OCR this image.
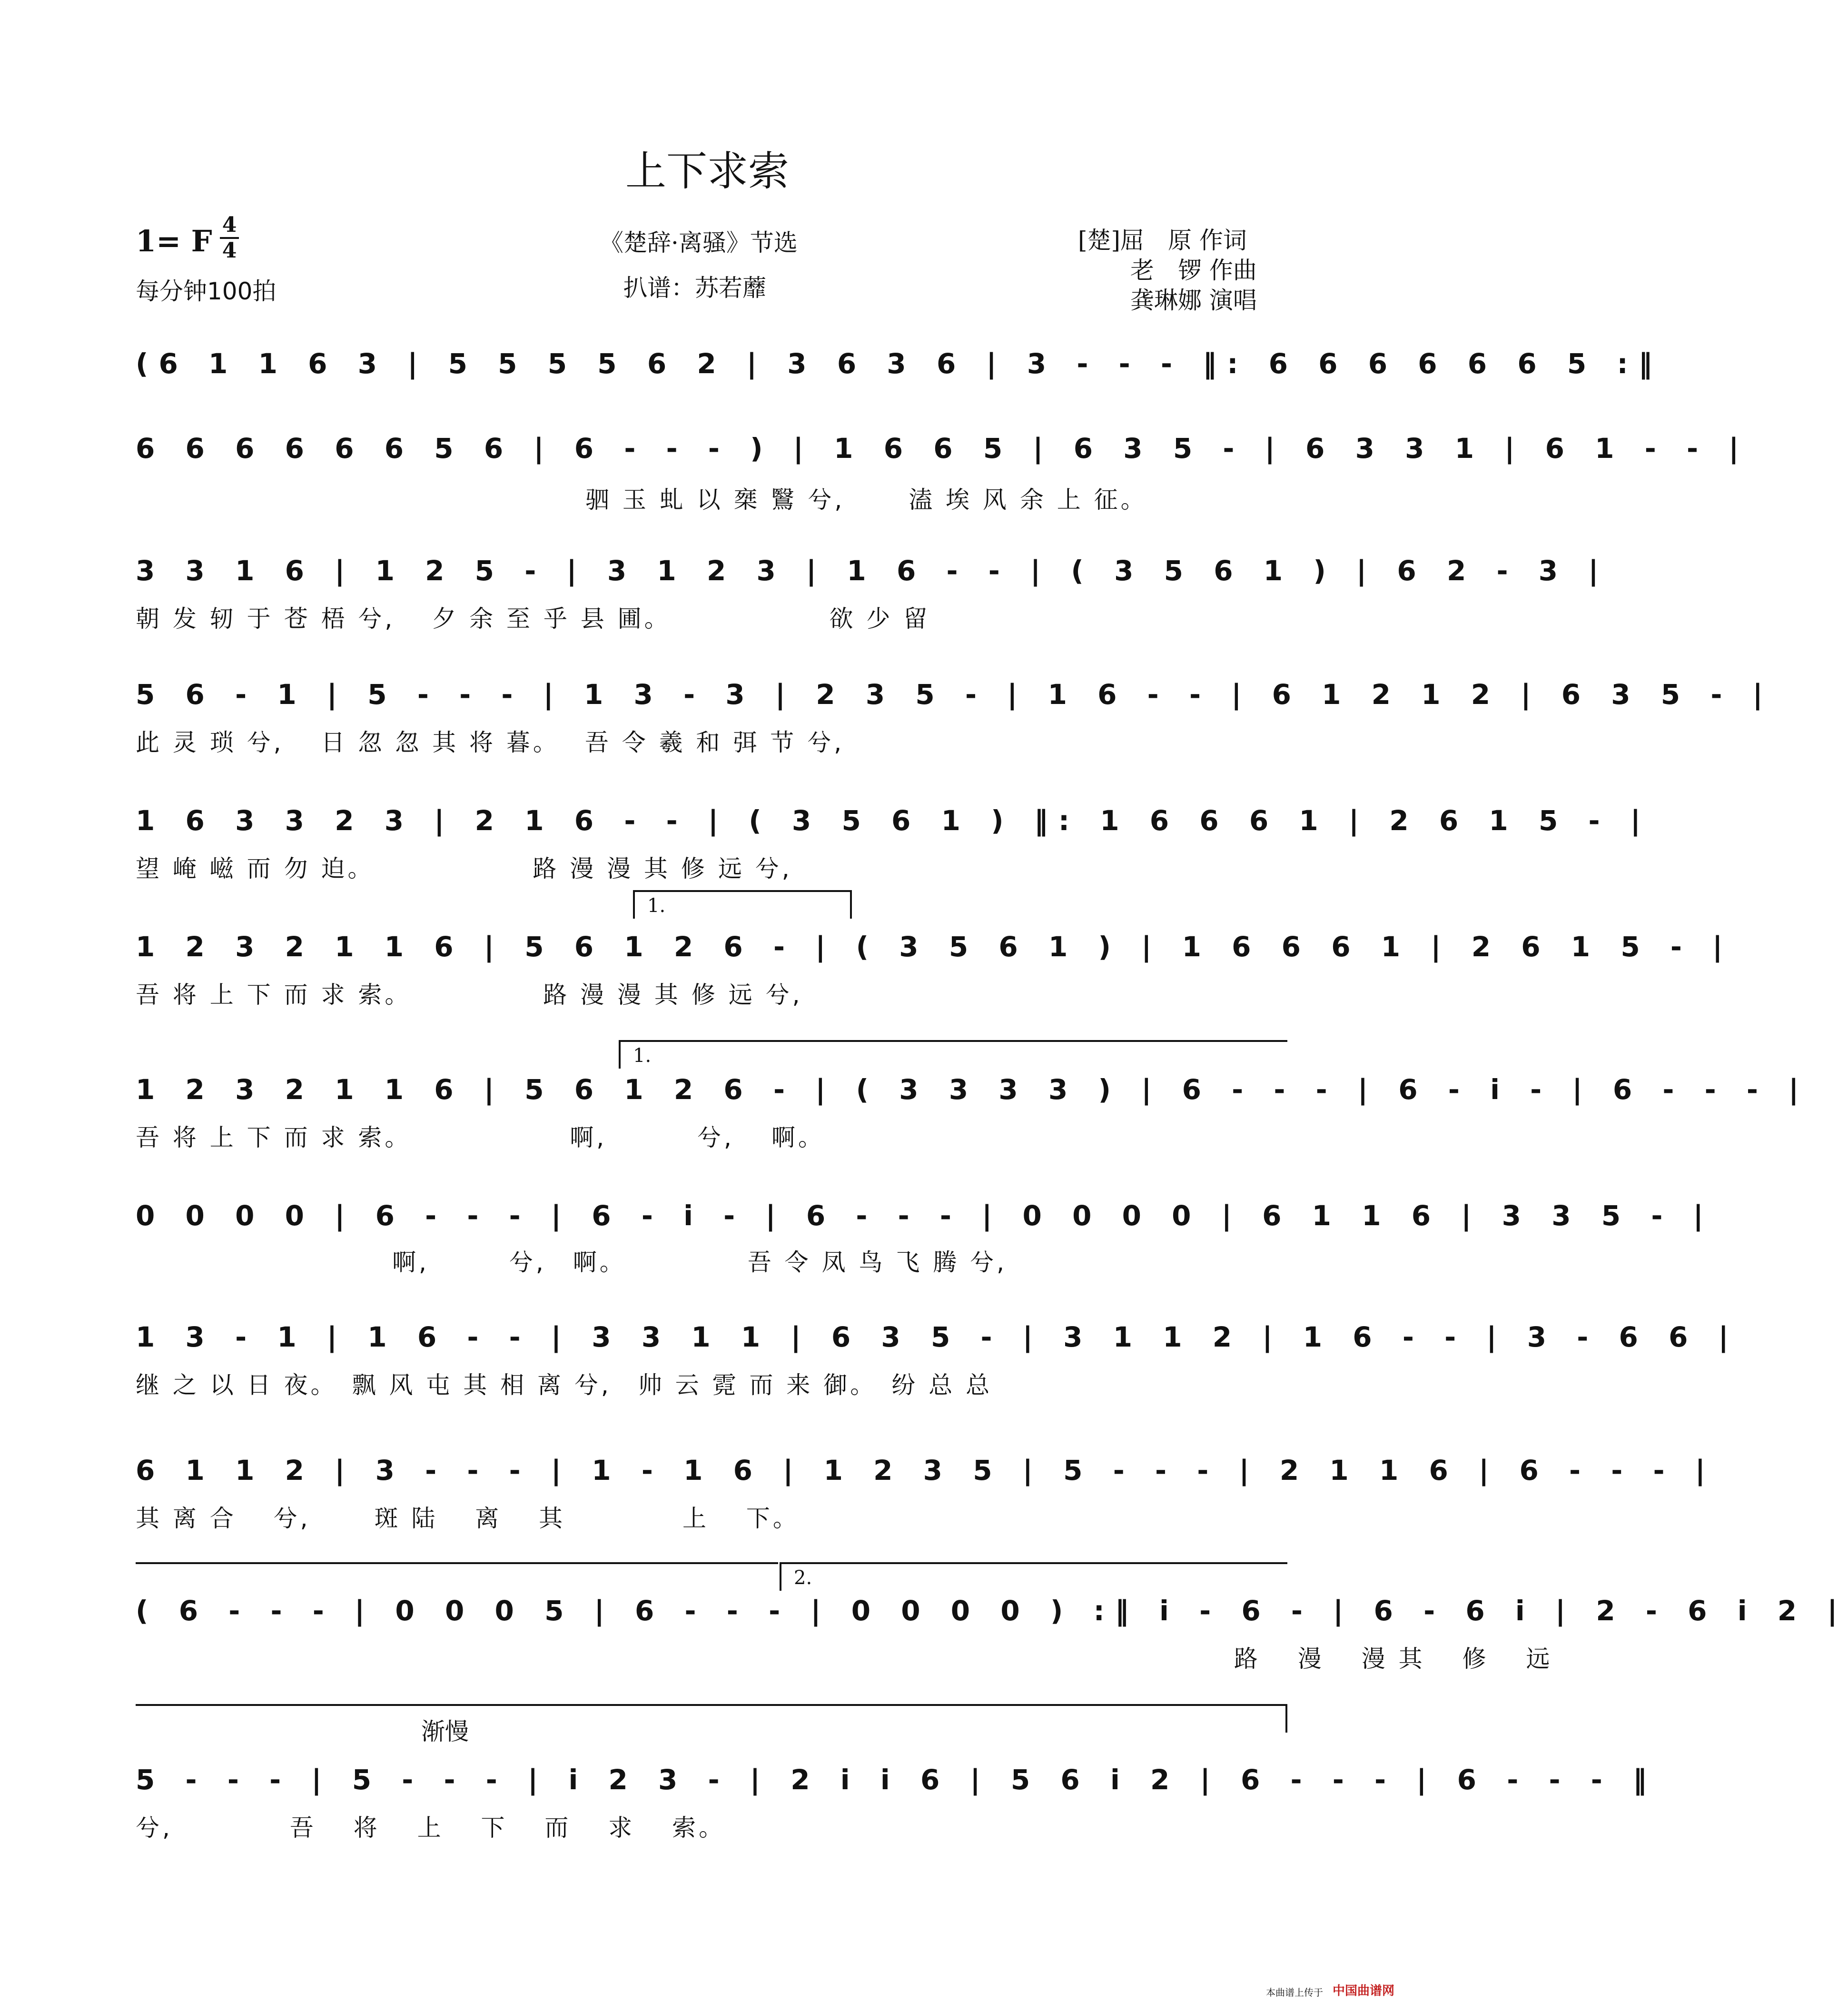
上下求索
1= F 4
4
每分钟100拍
《楚辞·离骚》节选
扒谱：苏若蘼
[楚]屈　原 作词
老　锣 作曲
龚琳娜 演唱
(6 1 1 6 3 | 5 5 5 5 6 2 | 3 6 3 6 | 3 - - - ‖: 6 6 6 6 6 6 5 :‖
6 6 6 6 6 6 5 6 | 6 - - - ) | 1 6 6 5 | 6 3 5 - | 6 3 3 1 | 6 1 - - |
驷 玉 虬 以 椉 鷖 兮,　　 溘 埃 风 余 上 征。
3 3 1 6 | 1 2 5 - | 3 1 2 3 | 1 6 - - | ( 3 5 6 1 ) | 6 2 - 3 |
朝 发 轫 于 苍 梧 兮,　 夕 余 至 乎 县 圃。　　　　　　 欲 少 留
5 6 - 1 | 5 - - - | 1 3 - 3 | 2 3 5 - | 1 6 - - | 6 1 2 1 2 | 6 3 5 - |
此 灵 琐 兮,　 日 忽 忽 其 将 暮。　 吾 令 羲 和 弭 节 兮,
1 6 3 3 2 3 | 2 1 6 - - | ( 3 5 6 1 ) ‖: 1 6 6 6 1 | 2 6 1 5 - |
望 崦 嵫 而 勿 迫。　　　　　　 路 漫 漫 其 修 远 兮,
1.
1 2 3 2 1 1 6 | 5 6 1 2 6 - | ( 3 5 6 1 ) | 1 6 6 6 1 | 2 6 1 5 - |
吾 将 上 下 而 求 索。　　　　　 路 漫 漫 其 修 远 兮,
1.
1 2 3 2 1 1 6 | 5 6 1 2 6 - | ( 3 3 3 3 ) | 6 - - - | 6 - i - | 6 - - - |
吾 将 上 下 而 求 索。　　　　　　 啊,　　　 兮,　 啊。
0 0 0 0 | 6 - - - | 6 - i - | 6 - - - | 0 0 0 0 | 6 1 1 6 | 3 3 5 - |
　　　　啊,　　　兮,　啊。　　　　　吾 令 凤 鸟 飞 腾 兮,
1 3 - 1 | 1 6 - - | 3 3 1 1 | 6 3 5 - | 3 1 1 2 | 1 6 - - | 3 - 6 6 |
继 之 以 日 夜。　飘 风 屯 其 相 离 兮,　帅 云 霓 而 来 御。　纷 总 总
6 1 1 2 | 3 - - - | 1 - 1 6 | 1 2 3 5 | 5 - - - | 2 1 1 6 | 6 - - - |
其 离 合　 兮,　　 斑 陆　 离　 其　　　　 上　 下。
2.
( 6 - - - | 0 0 0 5 | 6 - - - | 0 0 0 0 ) :‖ i - 6 - | 6 - 6 i | 2 - 6 i 2 |
　　　　　　　　　　　　　　　　 路　 漫　 漫 其　 修　 远
渐慢
5 - - - | 5 - - - | i 2 3 - | 2 i i 6 | 5 6 i 2 | 6 - - - | 6 - - - ‖
兮,　　　　 吾　 将　 上　 下　 而　 求　 索。
本曲谱上传于 中国曲谱网
